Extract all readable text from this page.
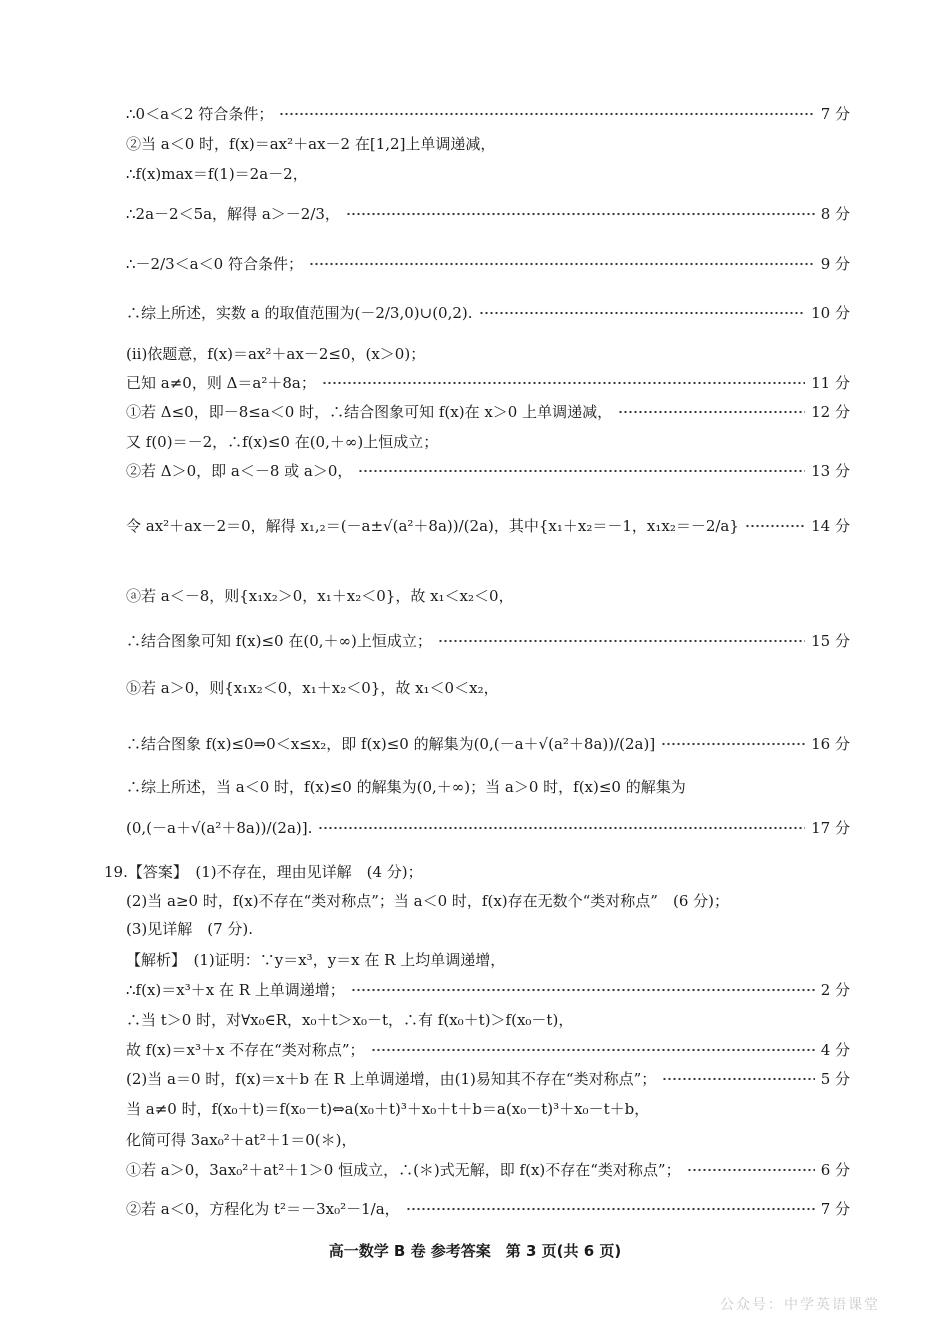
∴0＜a＜2 符合条件；	7 分
②当 a＜0 时，f(x)＝ax²＋ax－2 在[1,2]上单调递减，
∴f(x)max＝f(1)＝2a－2，
∴2a－2＜5a，解得 a＞－2/3，	8 分
∴－2/3＜a＜0 符合条件；	9 分
∴综上所述，实数 a 的取值范围为(－2/3,0)∪(0,2).	10 分
(ii)依题意，f(x)＝ax²＋ax－2≤0，(x＞0)；
已知 a≠0，则 Δ＝a²＋8a；	11 分
①若 Δ≤0，即－8≤a＜0 时，∴结合图象可知 f(x)在 x＞0 上单调递减，	12 分
又 f(0)＝－2，∴f(x)≤0 在(0,＋∞)上恒成立；
②若 Δ＞0，即 a＜－8 或 a＞0，	13 分
令 ax²＋ax－2＝0，解得 x₁,₂＝(－a±√(a²＋8a))/(2a)，其中{x₁＋x₂＝－1，x₁x₂＝－2/a}	14 分
ⓐ若 a＜－8，则{x₁x₂＞0，x₁＋x₂＜0}，故 x₁＜x₂＜0，
∴结合图象可知 f(x)≤0 在(0,＋∞)上恒成立；	15 分
ⓑ若 a＞0，则{x₁x₂＜0，x₁＋x₂＜0}，故 x₁＜0＜x₂，
∴结合图象 f(x)≤0⇒0＜x≤x₂，即 f(x)≤0 的解集为(0,(－a＋√(a²＋8a))/(2a)]	16 分
∴综上所述，当 a＜0 时，f(x)≤0 的解集为(0,＋∞)；当 a＞0 时，f(x)≤0 的解集为
(0,(－a＋√(a²＋8a))/(2a)].	17 分
19.【答案】　(1)不存在，理由见详解　(4 分)；
(2)当 a≥0 时，f(x)不存在“类对称点”；当 a＜0 时，f(x)存在无数个“类对称点”　(6 分)；
(3)见详解　(7 分).
【解析】　(1)证明：∵y＝x³，y＝x 在 R 上均单调递增，
∴f(x)＝x³＋x 在 R 上单调递增；	2 分
∴当 t＞0 时，对∀x₀∈R，x₀＋t＞x₀－t，∴有 f(x₀＋t)＞f(x₀－t)，
故 f(x)＝x³＋x 不存在“类对称点”；	4 分
(2)当 a＝0 时，f(x)＝x＋b 在 R 上单调递增，由(1)易知其不存在“类对称点”；	5 分
当 a≠0 时，f(x₀＋t)＝f(x₀－t)⇔a(x₀＋t)³＋x₀＋t＋b＝a(x₀－t)³＋x₀－t＋b，
化简可得 3ax₀²＋at²＋1＝0(＊)，
①若 a＞0，3ax₀²＋at²＋1＞0 恒成立，∴(＊)式无解，即 f(x)不存在“类对称点”；	6 分
②若 a＜0，方程化为 t²＝－3x₀²－1/a，	7 分
高一数学 B 卷 参考答案　第 3 页(共 6 页)
公众号：中学英语课堂
